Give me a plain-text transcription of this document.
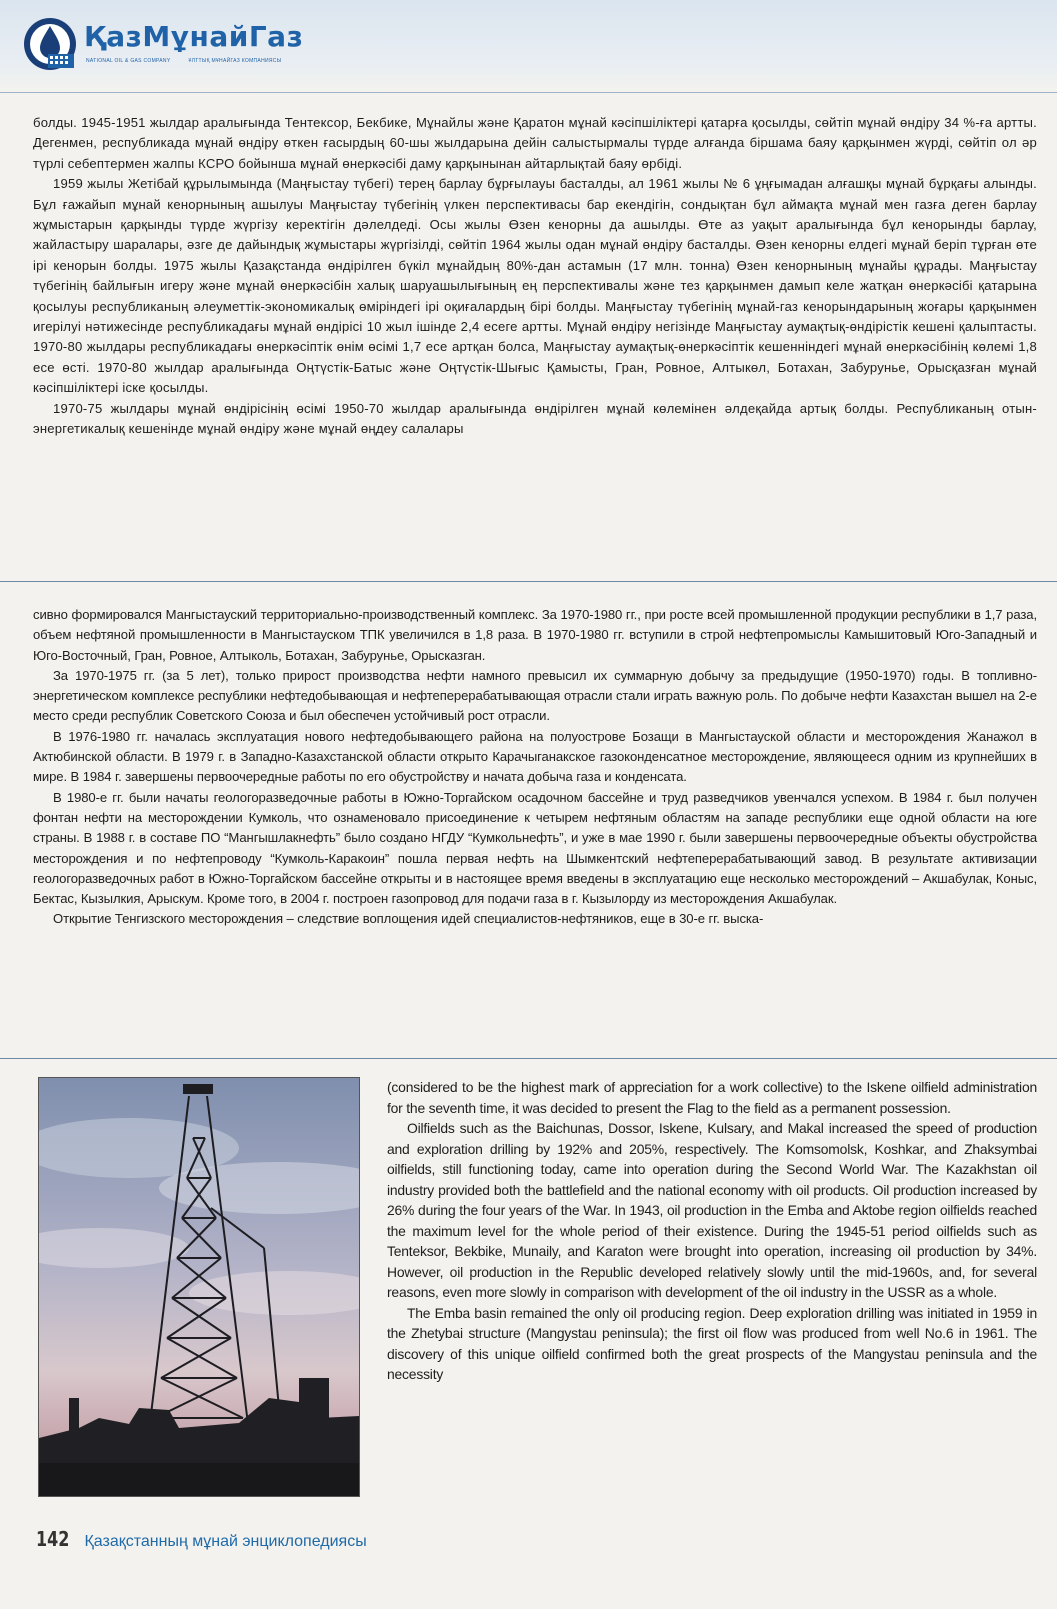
ҚазМұнайГаз
NATIONAL OIL & GAS COMPANY	ҰЛТТЫҚ МҰНАЙГАЗ КОМПАНИЯСЫ

болды. 1945-1951 жылдар аралығында Тентексор, Бекбике, Мұнайлы және Қаратон мұнай кәсіпшіліктері қатарға қосылды, сөйтіп мұнай өндіру 34 %-ға артты. Дегенмен, республикада мұнай өндіру өткен ғасырдың 60-шы жылдарына дейін салыстырмалы түрде алғанда біршама баяу қарқынмен жүрді, сөйтіп ол әр түрлі себептермен жалпы КСРО бойынша мұнай өнеркәсібі даму қарқынынан айтарлықтай баяу өрбіді.

1959 жылы Жетібай құрылымында (Маңғыстау түбегі) терең барлау бұрғылауы басталды, ал 1961 жылы № 6 ұңғымадан алғашқы мұнай бұрқағы алынды. Бұл ғажайып мұнай кенорнының ашылуы Маңғыстау түбегінің үлкен перспективасы бар екендігін, сондықтан бұл аймақта мұнай мен газға деген барлау жұмыстарын қарқынды түрде жүргізу керектігін дәлелдеді. Осы жылы Өзен кенорны да ашылды. Өте аз уақыт аралығында бұл кенорынды барлау, жайластыру шаралары, әзге де дайындық жұмыстары жүргізілді, сөйтіп 1964 жылы одан мұнай өндіру басталды. Өзен кенорны елдегі мұнай беріп тұрған өте ірі кенорын болды. 1975 жылы Қазақстанда өндірілген бүкіл мұнайдың 80%-дан астамын (17 млн. тонна) Өзен кенорнының мұнайы құрады. Маңғыстау түбегінің байлығын игеру және мұнай өнеркәсібін халық шаруашылығының ең перспективалы және тез қарқынмен дамып келе жатқан өнеркәсібі қатарына қосылуы республиканың әлеуметтік-экономикалық өміріндегі ірі оқиғалардың бірі болды. Маңғыстау түбегінің мұнай-газ кенорындарының жоғары қарқынмен игерілуі нәтижесінде республикадағы мұнай өндірісі 10 жыл ішінде 2,4 есеге артты. Мұнай өндіру негізінде Маңғыстау аумақтық-өндірістік кешені қалыптасты. 1970-80 жылдары республикадағы өнеркәсіптік өнім өсімі 1,7 есе артқан болса, Маңғыстау аумақтық-өнеркәсіптік кешенніндегі мұнай өнеркәсібінің көлемі 1,8 есе өсті. 1970-80 жылдар аралығында Оңтүстік-Батыс және Оңтүстік-Шығыс Қамысты, Гран, Ровное, Алтыкөл, Ботахан, Забурунье, Орысқазған мұнай кәсіпшіліктері іске қосылды.

1970-75 жылдары мұнай өндірісінің өсімі 1950-70 жылдар аралығында өндірілген мұнай көлемінен әлдеқайда артық болды. Республиканың отын-энергетикалық кешенінде мұнай өндіру және мұнай өңдеу салалары

сивно формировался Мангыстауский территориально-производственный комплекс. За 1970-1980 гг., при росте всей промышленной продукции республики в 1,7 раза, объем нефтяной промышленности в Мангыстауском ТПК увеличился в 1,8 раза. В 1970-1980 гг. вступили в строй нефтепромыслы Камышитовый Юго-Западный и Юго-Восточный, Гран, Ровное, Алтыколь, Ботахан, Забурунье, Орысказган.

За 1970-1975 гг. (за 5 лет), только прирост производства нефти намного превысил их суммарную добычу за предыдущие (1950-1970) годы. В топливно-энергетическом комплексе республики нефтедобывающая и нефтеперерабатывающая отрасли стали играть важную роль. По добыче нефти Казахстан вышел на 2-е место среди республик Советского Союза и был обеспечен устойчивый рост отрасли.

В 1976-1980 гг. началась эксплуатация нового нефтедобывающего района на полуострове Бозащи в Мангыстауской области и месторождения Жанажол в Актюбинской области. В 1979 г. в Западно-Казахстанской области открыто Карачыганакское газоконденсатное месторождение, являющееся одним из крупнейших в мире. В 1984 г. завершены первоочередные работы по его обустройству и начата добыча газа и конденсата.

В 1980-е гг. были начаты геологоразведочные работы в Южно-Торгайском осадочном бассейне и труд разведчиков увенчался успехом. В 1984 г. был получен фонтан нефти на месторождении Кумколь, что ознаменовало присоединение к четырем нефтяным областям на западе республики еще одной области на юге страны. В 1988 г. в составе ПО “Мангышлакнефть” было создано НГДУ “Кумкольнефть”, и уже в мае 1990 г. были завершены первоочередные объекты обустройства месторождения и по нефтепроводу “Кумколь-Каракоин” пошла первая нефть на Шымкентский нефтеперерабатывающий завод. В результате активизации геологоразведочных работ в Южно-Торгайском бассейне открыты и в настоящее время введены в эксплуатацию еще несколько месторождений – Акшабулак, Коныс, Бектас, Кызылкия, Арыскум. Кроме того, в 2004 г. построен газопровод для подачи газа в г. Кызылорду из месторождения Акшабулак.

Открытие Тенгизского месторождения – следствие воплощения идей специалистов-нефтяников, еще в 30-е гг. выска-

(considered to be the highest mark of appreciation for a work collective) to the Iskene oilfield administration for the seventh time, it was decided to present the Flag to the field as a permanent possession.

Oilfields such as the Baichunas, Dossor, Iskene, Kulsary, and Makal increased the speed of production and exploration drilling by 192% and 205%, respectively. The Komsomolsk, Koshkar, and Zhaksymbai oilfields, still functioning today, came into operation during the Second World War. The Kazakhstan oil industry provided both the battlefield and the national economy with oil products. Oil production increased by 26% during the four years of the War. In 1943, oil production in the Emba and Aktobe region oilfields reached the maximum level for the whole period of their existence. During the 1945-51 period oilfields such as Tenteksor, Bekbike, Munaily, and Karaton were brought into operation, increasing oil production by 34%. However, oil production in the Republic developed relatively slowly until the mid-1960s, and, for several reasons, even more slowly in comparison with development of the oil industry in the USSR as a whole.

The Emba basin remained the only oil producing region. Deep exploration drilling was initiated in 1959 in the Zhetybai structure (Mangystau peninsula); the first oil flow was produced from well No.6 in 1961. The discovery of this unique oilfield confirmed both the great prospects of the Mangystau peninsula and the necessity

142 Қазақстанның мұнай энциклопедиясы
